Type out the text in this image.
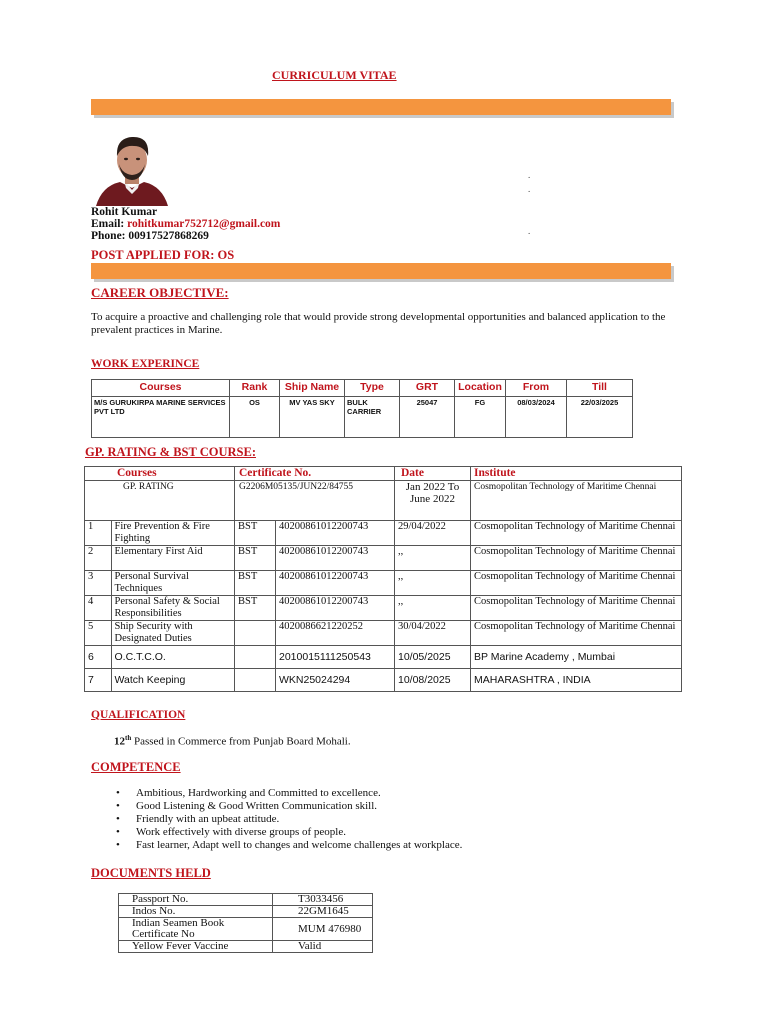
CURRICULUM VITAE
.
.
.
Rohit Kumar
Email: rohitkumar752712@gmail.com
Phone: 00917527868269
POST APPLIED FOR: OS
CAREER OBJECTIVE:
To acquire a proactive and challenging role that would provide strong developmental opportunities and balanced application to the prevalent practices in Marine.
WORK EXPERINCE
Courses	Rank	Ship Name	Type	GRT	Location	From	Till
M/S GURUKIRPA MARINE SERVICES PVT LTD	OS	MV YAS SKY	BULK CARRIER	25047	FG	08/03/2024	22/03/2025
GP. RATING & BST COURSE:
	Courses	Certificate No.		Date	Institute
	GP. RATING	G2206M05135/JUN22/84755		Jan 2022 To June 2022	Cosmopolitan Technology of Maritime Chennai
1	Fire Prevention & Fire Fighting	BST	402008610122007​43	29/04/2022	Cosmopolitan Technology of Maritime Chennai
2	Elementary First Aid	BST	40200861012200743	,,	Cosmopolitan Technology of Maritime Chennai
3	Personal Survival Techniques	BST	40200861012200743	,,	Cosmopolitan Technology of Maritime Chennai
4	Personal Safety & Social Responsibilities	BST	40200861012200743	,,	Cosmopolitan Technology of Maritime Chennai
5	Ship Security with Designated Duties		4020086621220252	30/04/2022	Cosmopolitan Technology of Maritime Chennai
6	O.C.T.C.O.		2010015111250543	10/05/2025	BP Marine Academy , Mumbai
7	Watch Keeping		WKN25024294	10/08/2025	MAHARASHTRA , INDIA
QUALIFICATION
12th Passed in Commerce from Punjab Board Mohali.
COMPETENCE
• Ambitious, Hardworking and Committed to excellence.
• Good Listening & Good Written Communication skill.
• Friendly with an upbeat attitude.
• Work effectively with diverse groups of people.
• Fast learner, Adapt well to changes and welcome challenges at workplace.
DOCUMENTS HELD
Passport No.	T3033456
Indos No.	22GM1645
Indian Seamen Book Certificate No	MUM 476980
Yellow Fever Vaccine	Valid
